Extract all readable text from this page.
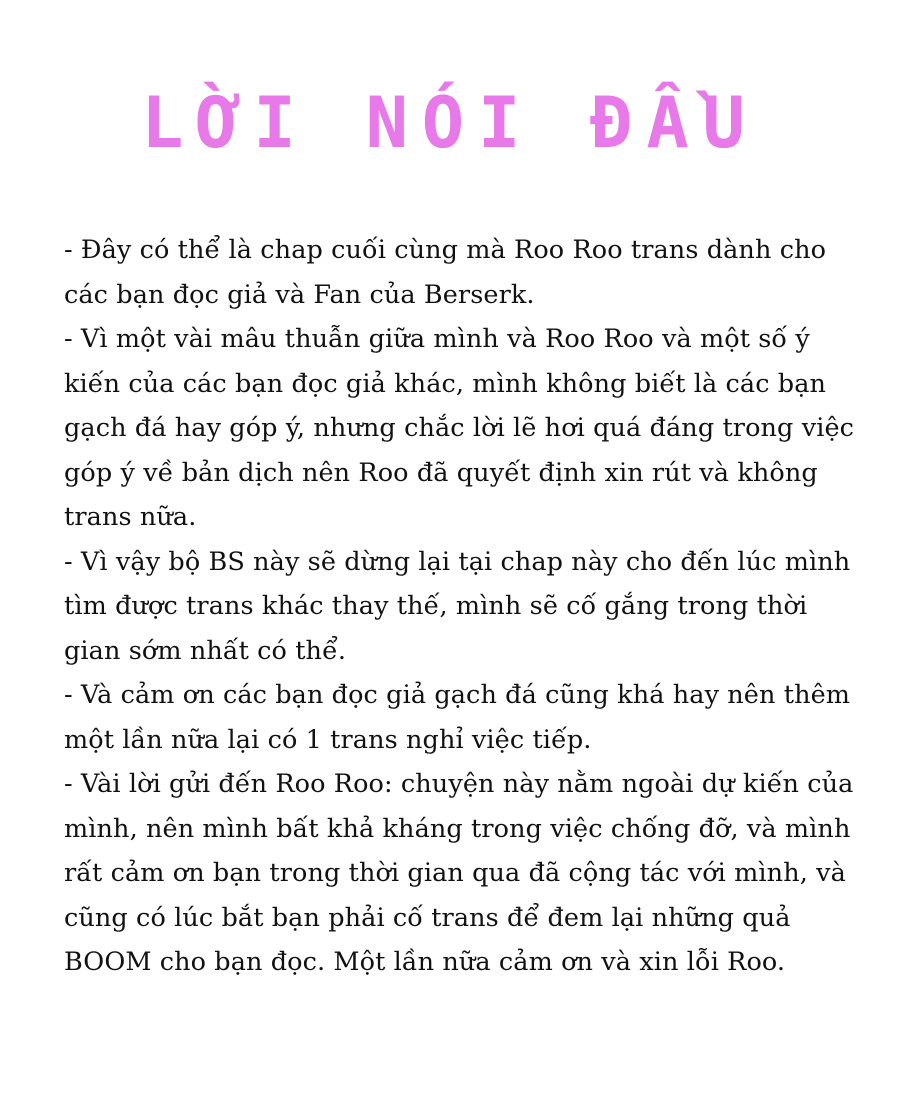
LỜI NÓI ĐẦU

- Đây có thể là chap cuối cùng mà Roo Roo trans dành cho các bạn đọc giả và Fan của Berserk.

- Vì một vài mâu thuẫn giữa mình và Roo Roo và một số ý kiến của các bạn đọc giả khác, mình không biết là các bạn gạch đá hay góp ý, nhưng chắc lời lẽ hơi quá đáng trong việc góp ý về bản dịch nên Roo đã quyết định xin rút và không trans nữa.

- Vì vậy bộ BS này sẽ dừng lại tại chap này cho đến lúc mình tìm được trans khác thay thế, mình sẽ cố gắng trong thời gian sớm nhất có thể.

- Và cảm ơn các bạn đọc giả gạch đá cũng khá hay nên thêm một lần nữa lại có 1 trans nghỉ việc tiếp.

- Vài lời gửi đến Roo Roo: chuyện này nằm ngoài dự kiến của mình, nên mình bất khả kháng trong việc chống đỡ, và mình rất cảm ơn bạn trong thời gian qua đã cộng tác với mình, và cũng có lúc bắt bạn phải cố trans để đem lại những quả BOOM cho bạn đọc. Một lần nữa cảm ơn và xin lỗi Roo.
